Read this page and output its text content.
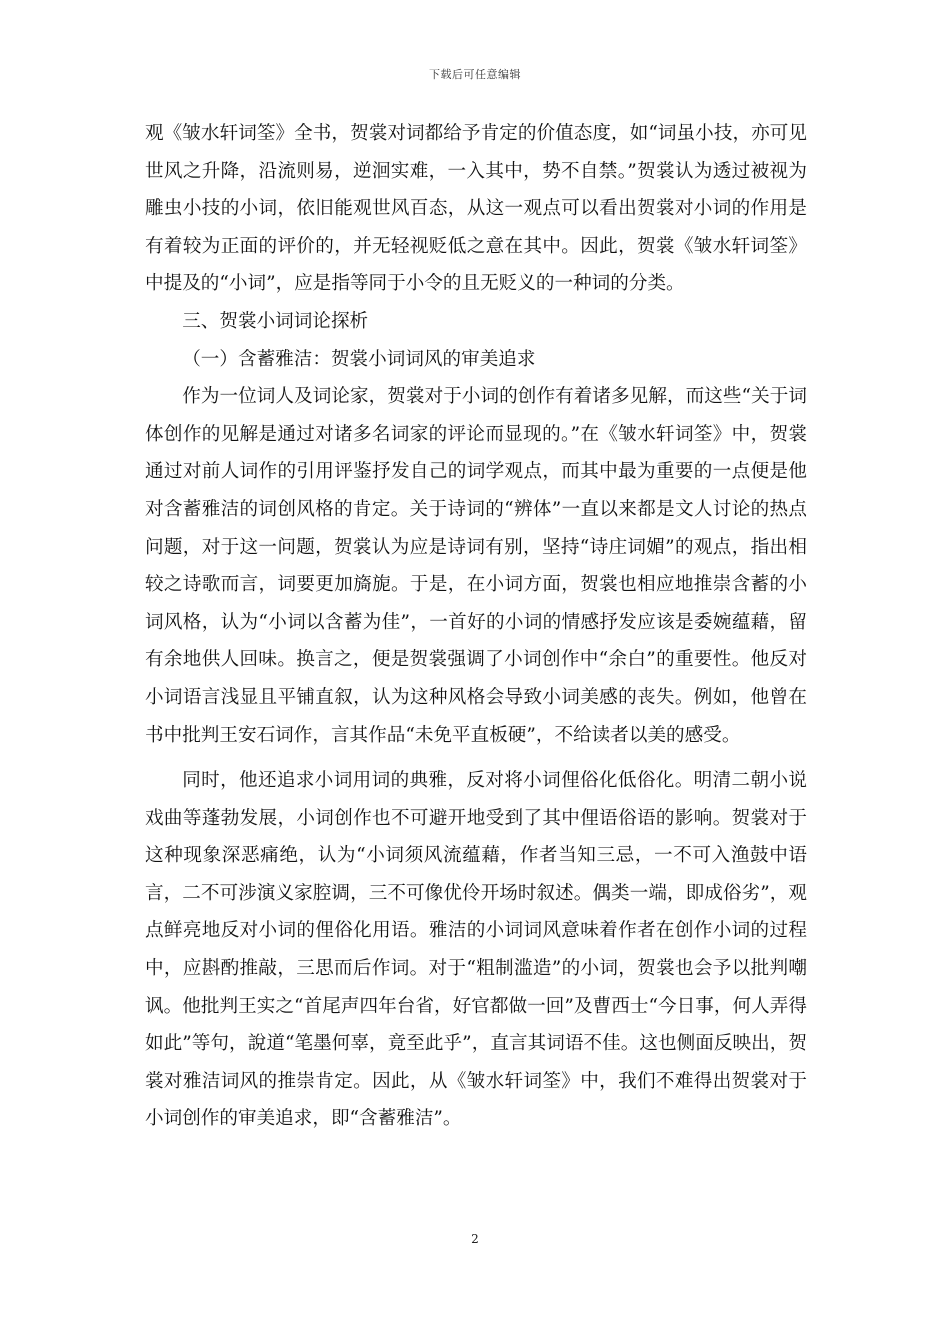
下载后可任意编辑

观《皱水轩词筌》全书，贺裳对词都给予肯定的价值态度，如“词虽小技，亦可见世风之升降，沿流则易，逆洄实难，一入其中，势不自禁。”贺裳认为透过被视为雕虫小技的小词，依旧能观世风百态，从这一观点可以看出贺裳对小词的作用是有着较为正面的评价的，并无轻视贬低之意在其中。因此，贺裳《皱水轩词筌》中提及的“小词”，应是指等同于小令的且无贬义的一种词的分类。

三、贺裳小词词论探析

（一）含蓄雅洁：贺裳小词词风的审美追求

作为一位词人及词论家，贺裳对于小词的创作有着诸多见解，而这些“关于词体创作的见解是通过对诸多名词家的评论而显现的。”在《皱水轩词筌》中，贺裳通过对前人词作的引用评鉴抒发自己的词学观点，而其中最为重要的一点便是他对含蓄雅洁的词创风格的肯定。关于诗词的“辨体”一直以来都是文人讨论的热点问题，对于这一问题，贺裳认为应是诗词有别，坚持“诗庄词媚”的观点，指出相较之诗歌而言，词要更加旖旎。于是，在小词方面，贺裳也相应地推崇含蓄的小词风格，认为“小词以含蓄为佳”，一首好的小词的情感抒发应该是委婉蕴藉，留有余地供人回味。换言之，便是贺裳强调了小词创作中“余白”的重要性。他反对小词语言浅显且平铺直叙，认为这种风格会导致小词美感的丧失。例如，他曾在书中批判王安石词作，言其作品“未免平直板硬”，不给读者以美的感受。

同时，他还追求小词用词的典雅，反对将小词俚俗化低俗化。明清二朝小说戏曲等蓬勃发展，小词创作也不可避开地受到了其中俚语俗语的影响。贺裳对于这种现象深恶痛绝，认为“小词须风流蕴藉，作者当知三忌，一不可入渔鼓中语言，二不可涉演义家腔调，三不可像优伶开场时叙述。偶类一端，即成俗劣”，观点鲜亮地反对小词的俚俗化用语。雅洁的小词词风意味着作者在创作小词的过程中，应斟酌推敲，三思而后作词。对于“粗制滥造”的小词，贺裳也会予以批判嘲讽。他批判王实之“首尾声四年台省，好官都做一回”及曹西士“今日事，何人弄得如此”等句，說道“笔墨何辜，竟至此乎”，直言其词语不佳。这也侧面反映出，贺裳对雅洁词风的推崇肯定。因此，从《皱水轩词筌》中，我们不难得出贺裳对于小词创作的审美追求，即“含蓄雅洁”。

2
